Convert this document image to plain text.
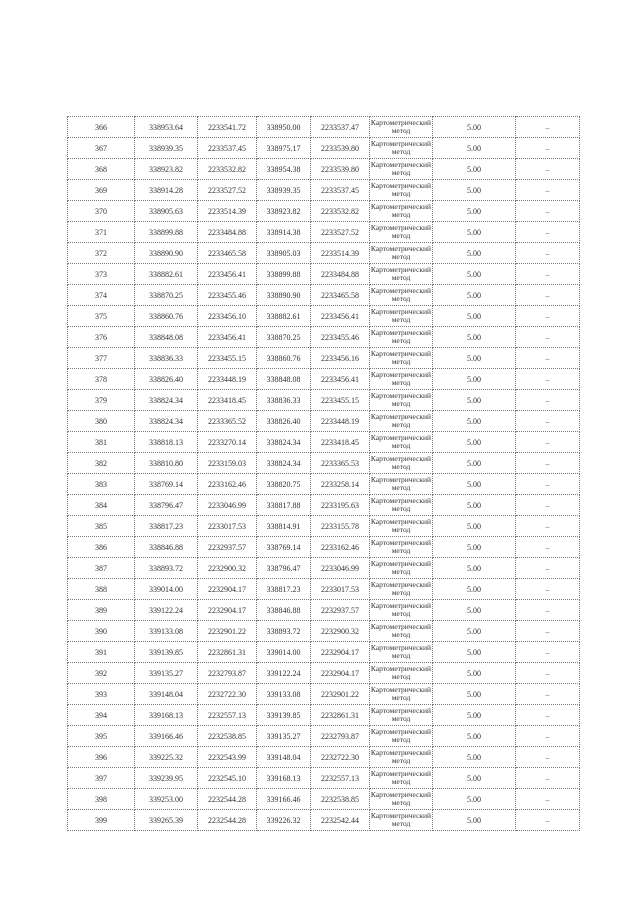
366	338953.64	2233541.72	338950.00	2233537.47	Картометрический метод	5.00	–
367	338939.35	2233537.45	338975.17	2233539.80	Картометрический метод	5.00	–
368	338923.82	2233532.82	338954.38	2233539.80	Картометрический метод	5.00	–
369	338914.28	2233527.52	338939.35	2233537.45	Картометрический метод	5.00	–
370	338905.63	2233514.39	338923.82	2233532.82	Картометрический метод	5.00	–
371	338899.88	2233484.88	338914.38	2233527.52	Картометрический метод	5.00	–
372	338890.90	2233465.58	338905.03	2233514.39	Картометрический метод	5.00	–
373	338882.61	2233456.41	338899.88	2233484.88	Картометрический метод	5.00	–
374	338870.25	2233455.46	338890.90	2233465.58	Картометрический метод	5.00	–
375	338860.76	2233456.10	338882.61	2233456.41	Картометрический метод	5.00	–
376	338848.08	2233456.41	338870.25	2233455.46	Картометрический метод	5.00	–
377	338836.33	2233455.15	338860.76	2233456.16	Картометрический метод	5.00	–
378	338826.40	2233448.19	338848.08	2233456.41	Картометрический метод	5.00	–
379	338824.34	2233418.45	338836.33	2233455.15	Картометрический метод	5.00	–
380	338824.34	2233365.52	338826.40	2233448.19	Картометрический метод	5.00	–
381	338818.13	2233270.14	338824.34	2233418.45	Картометрический метод	5.00	–
382	338810.80	2233159.03	338824.34	2233365.53	Картометрический метод	5.00	–
383	338769.14	2233162.46	338820.75	2233258.14	Картометрический метод	5.00	–
384	338796.47	2233046.99	338817.88	2233195.63	Картометрический метод	5.00	–
385	338817.23	2233017.53	338814.91	2233155.78	Картометрический метод	5.00	–
386	338846.88	2232937.57	338769.14	2233162.46	Картометрический метод	5.00	–
387	338893.72	2232900.32	338796.47	2233046.99	Картометрический метод	5.00	–
388	339014.00	2232904.17	338817.23	2233017.53	Картометрический метод	5.00	–
389	339122.24	2232904.17	338846.88	2232937.57	Картометрический метод	5.00	–
390	339133.08	2232901.22	338893.72	2232900.32	Картометрический метод	5.00	–
391	339139.85	2232861.31	339014.00	2232904.17	Картометрический метод	5.00	–
392	339135.27	2232793.87	339122.24	2232904.17	Картометрический метод	5.00	–
393	339148.04	2232722.30	339133.08	2232901.22	Картометрический метод	5.00	–
394	339168.13	2232557.13	339139.85	2232861.31	Картометрический метод	5.00	–
395	339166.46	2232538.85	339135.27	2232793.87	Картометрический метод	5.00	–
396	339225.32	2232543.99	339148.04	2232722.30	Картометрический метод	5.00	–
397	339239.95	2232545.10	339168.13	2232557.13	Картометрический метод	5.00	–
398	339253.00	2232544.28	339166.46	2232538.85	Картометрический метод	5.00	–
399	339265.39	2232544.28	339226.32	2232542.44	Картометрический метод	5.00	–
